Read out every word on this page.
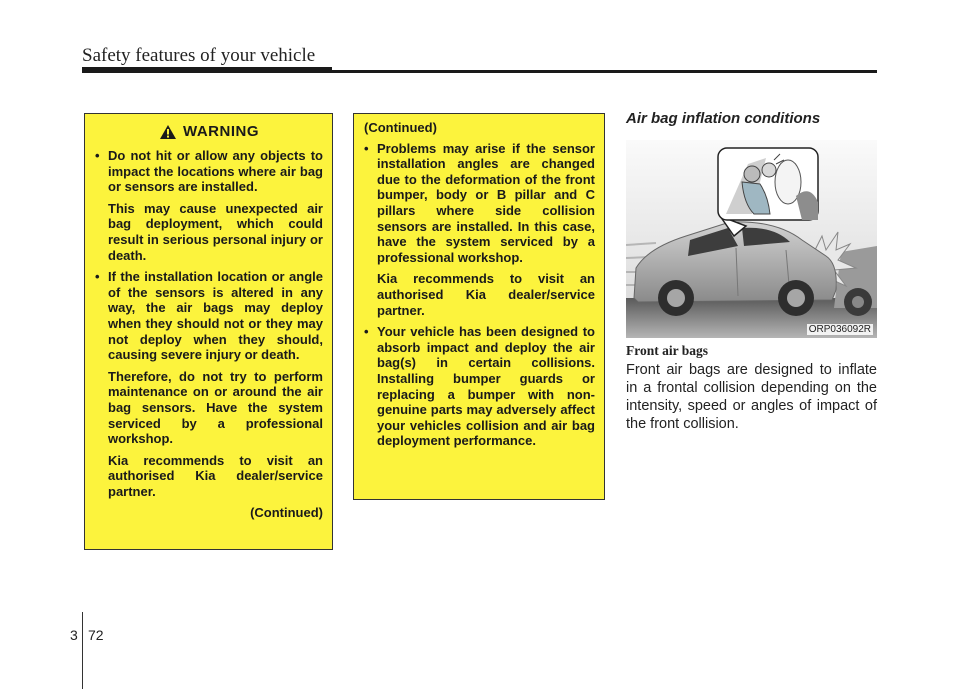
Safety features of your vehicle
WARNING
• Do not hit or allow any objects to impact the locations where air bag or sensors are installed.
This may cause unexpected air bag deployment, which could result in serious personal injury or death.
• If the installation location or angle of the sensors is altered in any way, the air bags may deploy when they should not or they may not deploy when they should, causing severe injury or death.
Therefore, do not try to perform maintenance on or around the air bag sensors. Have the system serviced by a professional workshop.
Kia recommends to visit an authorised Kia dealer/service partner.
(Continued)
(Continued)
• Problems may arise if the sensor installation angles are changed due to the deformation of the front bumper, body or B pillar and C pillars where side collision sensors are installed. In this case, have the system serviced by a professional workshop.
Kia recommends to visit an authorised Kia dealer/service partner.
• Your vehicle has been designed to absorb impact and deploy the air bag(s) in certain collisions. Installing bumper guards or replacing a bumper with non-genuine parts may adversely affect your vehicles collision and air bag deployment performance.
Air bag inflation conditions
ORP036092R
Front air bags

Front air bags are designed to inflate in a frontal collision depending on the intensity, speed or angles of impact of the front collision.

3 72
